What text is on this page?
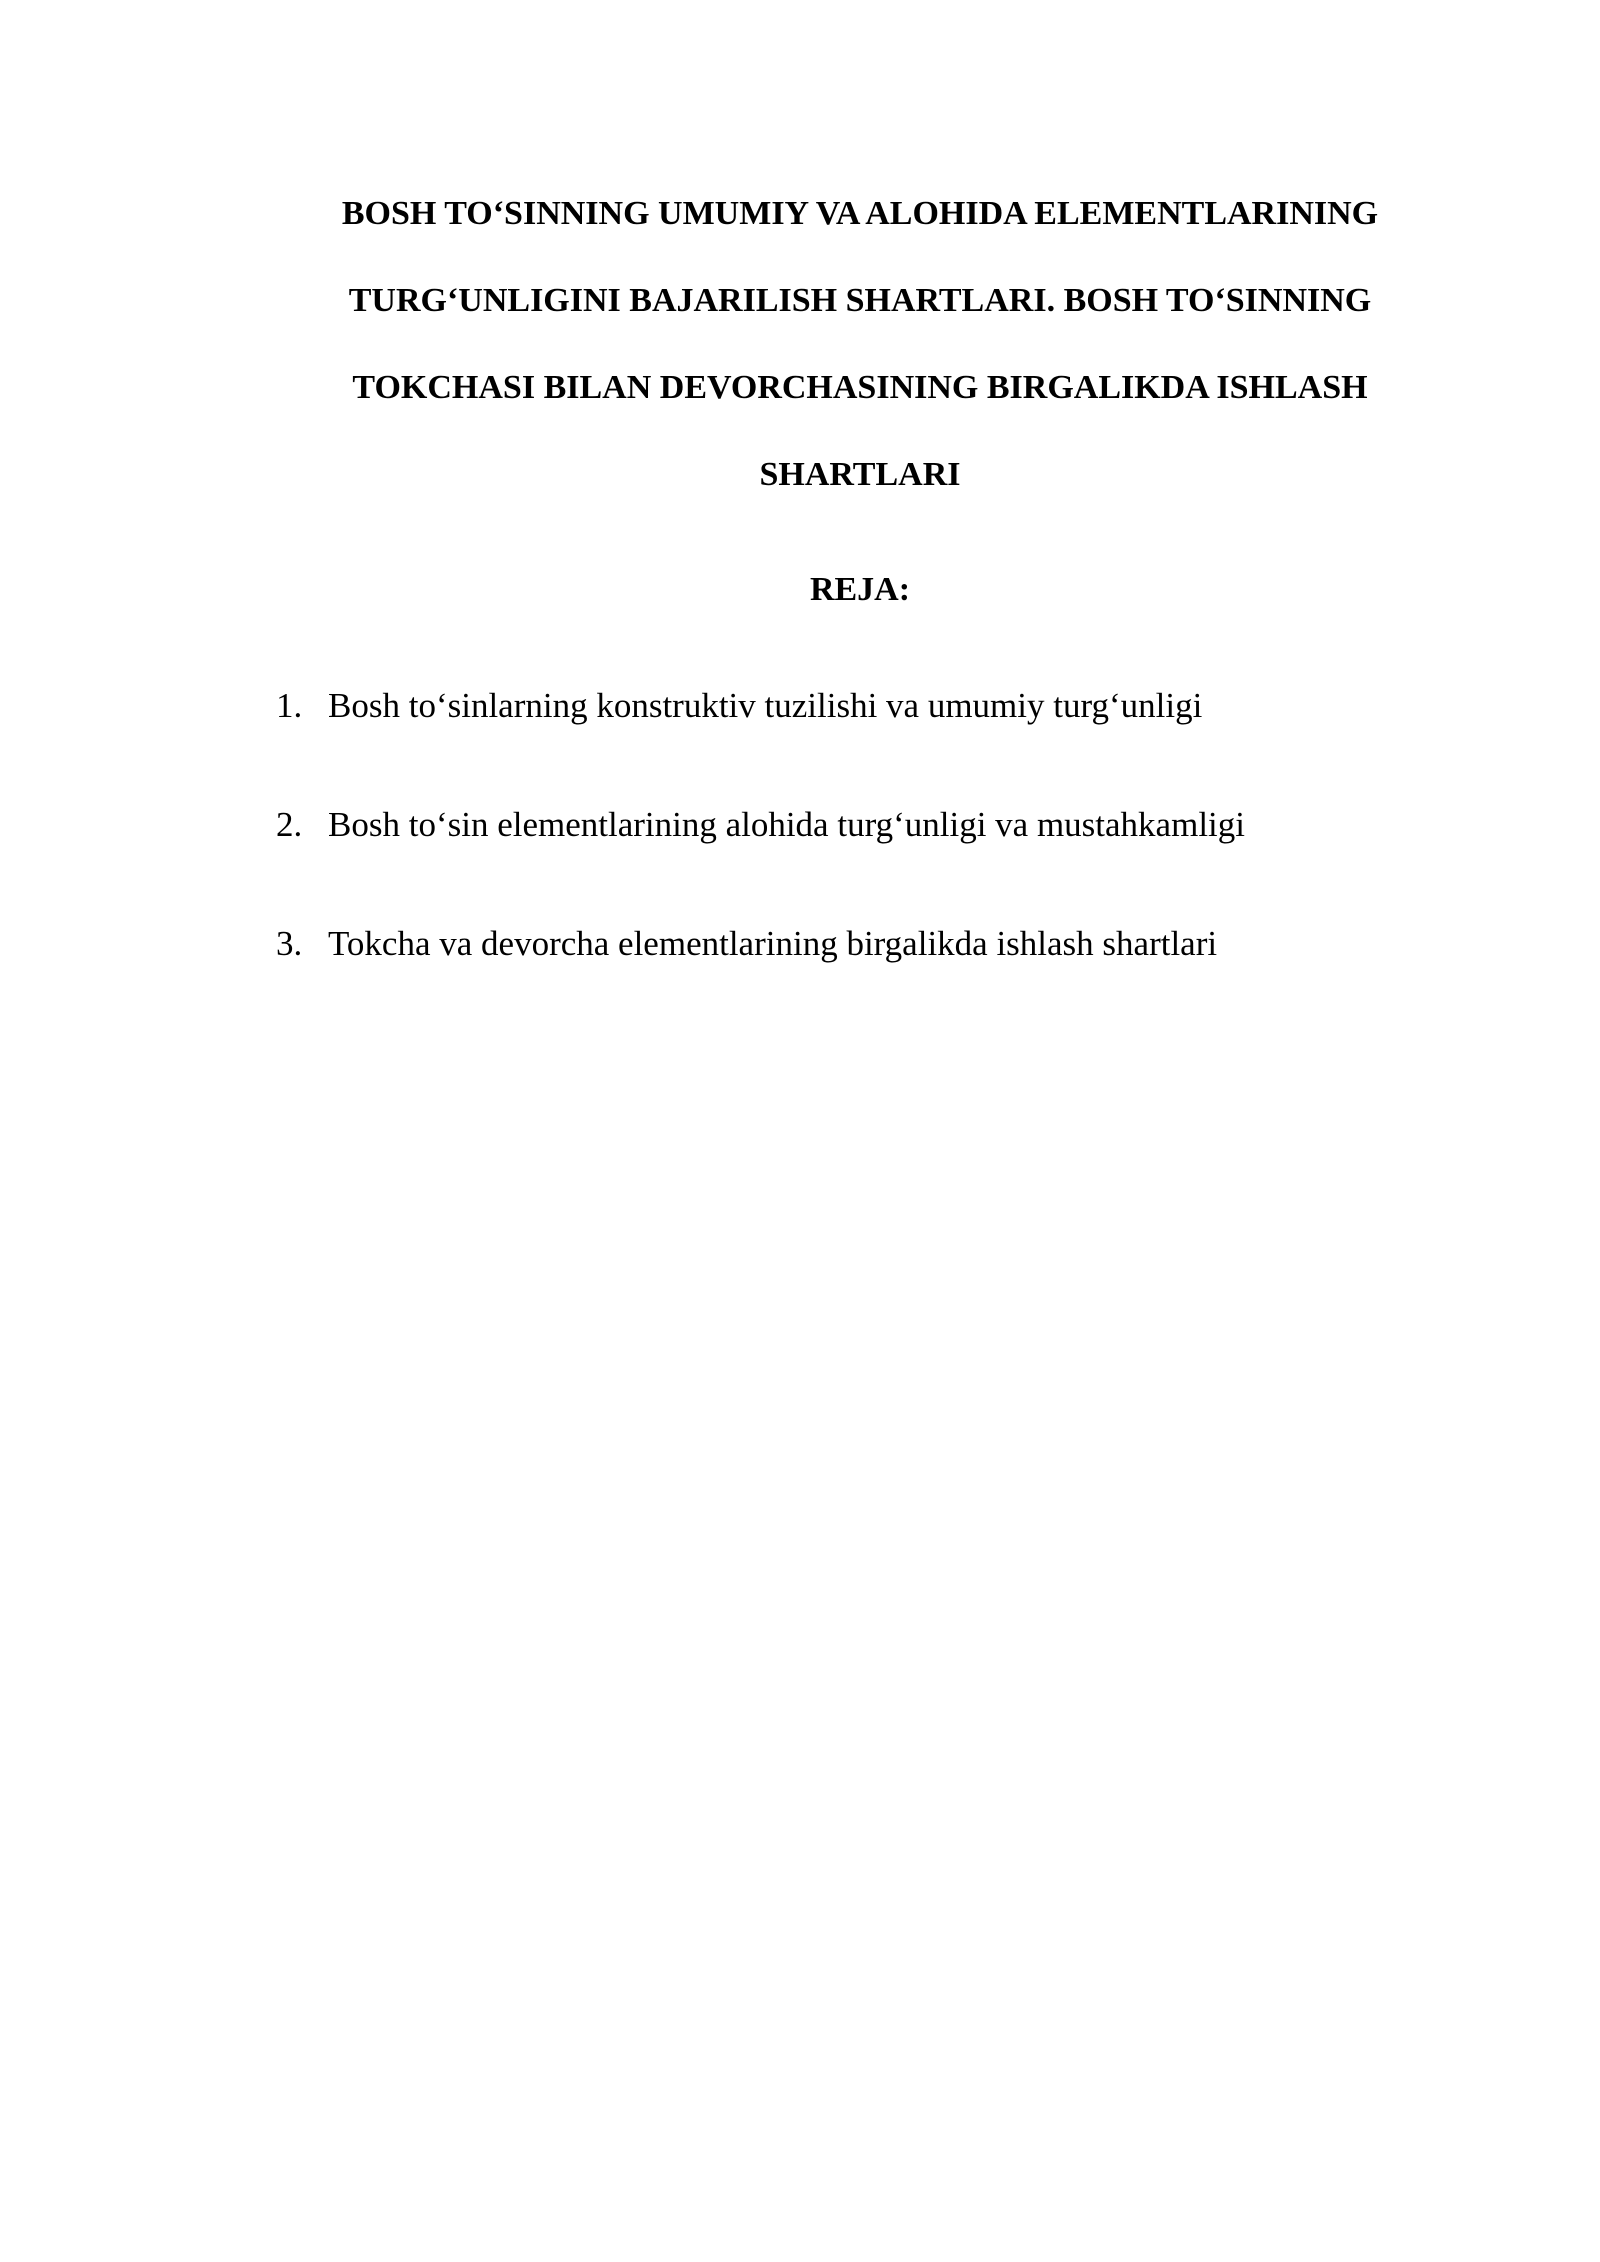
BOSH TO‘SINNING UMUMIY VA ALOHIDA ELEMENTLARINING
TURG‘UNLIGINI BAJARILISH SHARTLARI. BOSH TO‘SINNING
TOKCHASI BILAN DEVORCHASINING BIRGALIKDA ISHLASH
SHARTLARI
REJA:
1. Bosh to‘sinlarning konstruktiv tuzilishi va umumiy turg‘unligi
2. Bosh to‘sin elementlarining alohida turg‘unligi va mustahkamligi
3. Tokcha va devorcha elementlarining birgalikda ishlash shartlari
